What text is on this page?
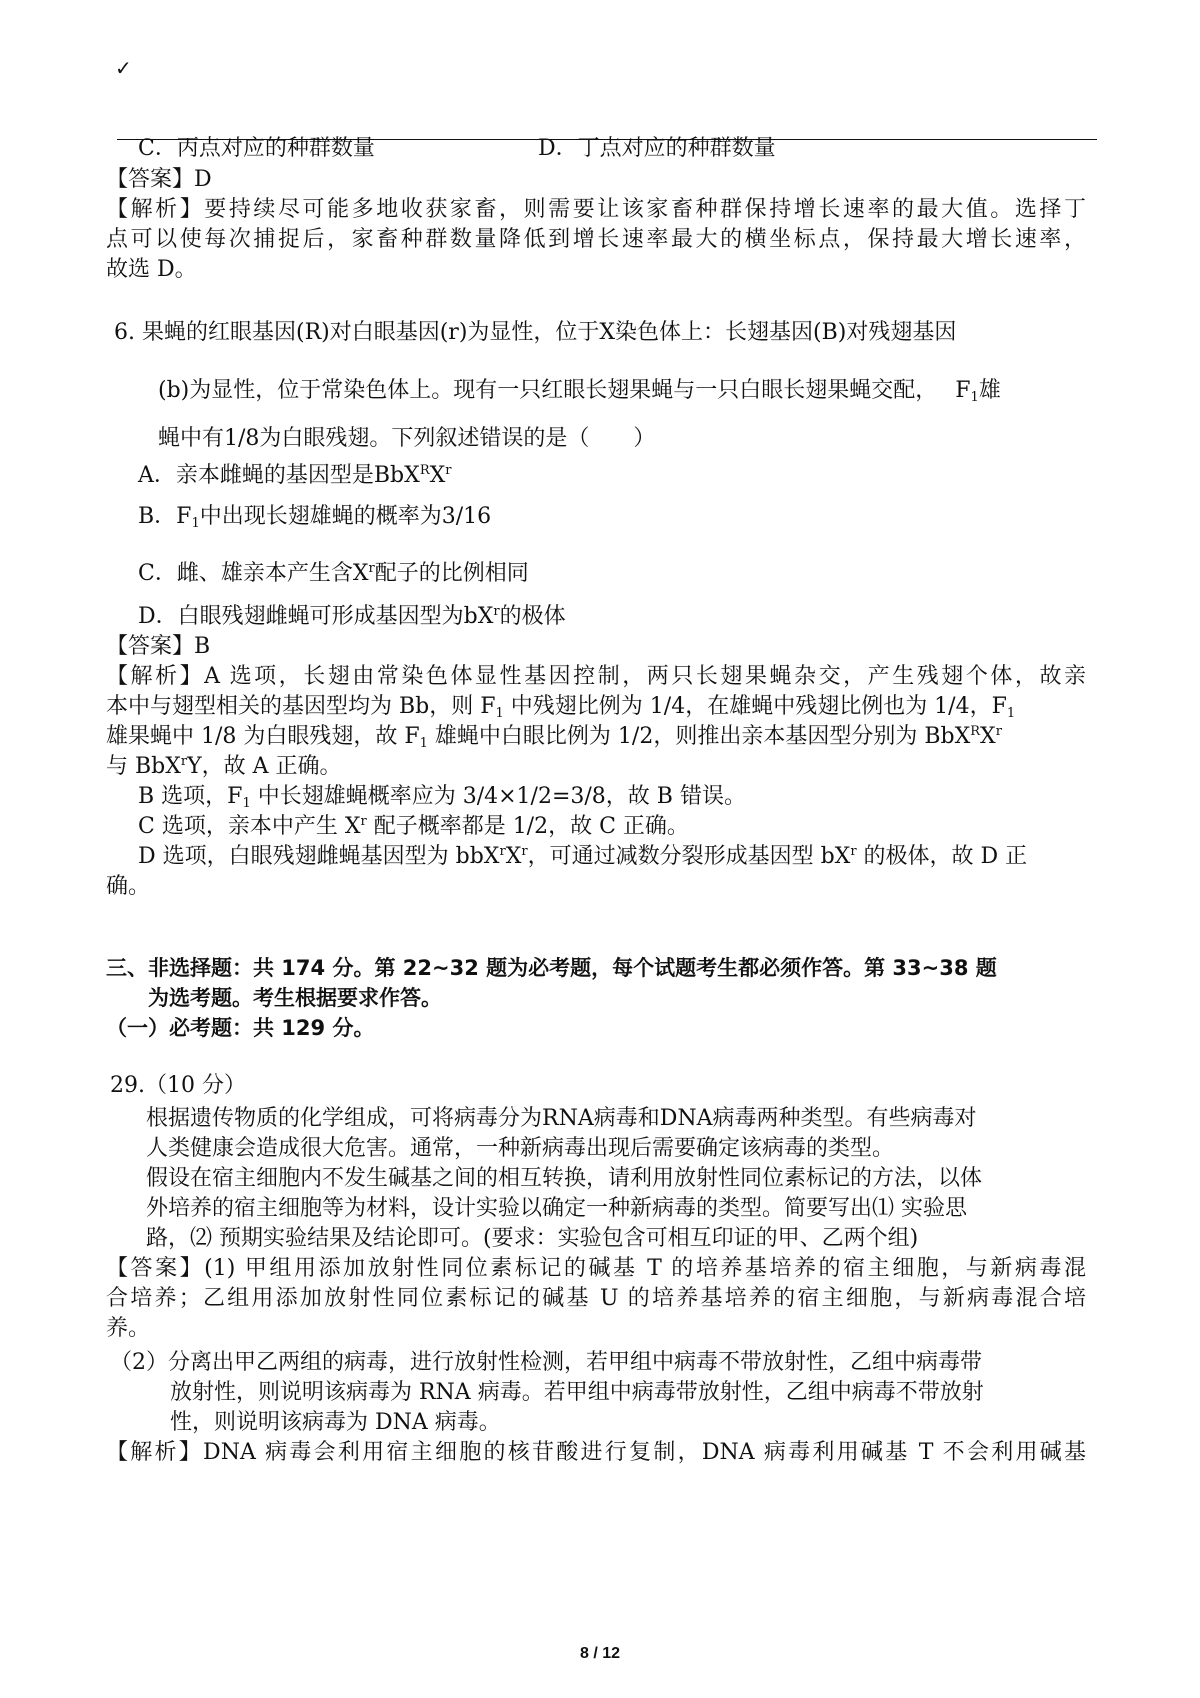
✓
C．丙点对应的种群数量	D．丁点对应的种群数量
【答案】D
【解析】要持续尽可能多地收获家畜，则需要让该家畜种群保持增长速率的最大值。选择丁
点可以使每次捕捉后，家畜种群数量降低到增长速率最大的横坐标点，保持最大增长速率，
故选 D。
6. 果蝇的红眼基因(R)对白眼基因(r)为显性，位于X染色体上：长翅基因(B)对残翅基因
(b)为显性，位于常染色体上。现有一只红眼长翅果蝇与一只白眼长翅果蝇交配， $F_1$雄
蝇中有1/8为白眼残翅。下列叙述错误的是（　　）
A．亲本雌蝇的基因型是$BbX^RX^r$
B．$F_1$中出现长翅雄蝇的概率为3/16
C．雌、雄亲本产生含$X^r$配子的比例相同
D．白眼残翅雌蝇可形成基因型为$bX^r$的极体
【答案】B
【解析】A 选项，长翅由常染色体显性基因控制，两只长翅果蝇杂交，产生残翅个体，故亲
本中与翅型相关的基因型均为 Bb，则 $F_1$ 中残翅比例为 1/4，在雄蝇中残翅比例也为 1/4，$F_1$
雄果蝇中 1/8 为白眼残翅，故 $F_1$ 雄蝇中白眼比例为 1/2，则推出亲本基因型分别为 $BbX^RX^r$
与 BbX$^r$Y，故 A 正确。
B 选项，$F_1$ 中长翅雄蝇概率应为 3/4×1/2=3/8，故 B 错误。
C 选项，亲本中产生 $X^r$ 配子概率都是 1/2，故 C 正确。
D 选项，白眼残翅雌蝇基因型为 $bbX^rX^r$，可通过减数分裂形成基因型 $bX^r$ 的极体，故 D 正
确。
三、非选择题：共 174 分。第 22~32 题为必考题，每个试题考生都必须作答。第 33~38 题
为选考题。考生根据要求作答。
（一）必考题：共 129 分。
29.（10 分）
根据遗传物质的化学组成，可将病毒分为RNA病毒和DNA病毒两种类型。有些病毒对
人类健康会造成很大危害。通常，一种新病毒出现后需要确定该病毒的类型。
假设在宿主细胞内不发生碱基之间的相互转换，请利用放射性同位素标记的方法，以体
外培养的宿主细胞等为材料，设计实验以确定一种新病毒的类型。简要写出⑴ 实验思
路，⑵ 预期实验结果及结论即可。(要求：实验包含可相互印证的甲、乙两个组)
【答案】(1) 甲组用添加放射性同位素标记的碱基 T 的培养基培养的宿主细胞，与新病毒混
合培养；乙组用添加放射性同位素标记的碱基 U 的培养基培养的宿主细胞，与新病毒混合培
养。
（2）分离出甲乙两组的病毒，进行放射性检测，若甲组中病毒不带放射性，乙组中病毒带
放射性，则说明该病毒为 RNA 病毒。若甲组中病毒带放射性，乙组中病毒不带放射
性，则说明该病毒为 DNA 病毒。
【解析】DNA 病毒会利用宿主细胞的核苷酸进行复制，DNA 病毒利用碱基 T 不会利用碱基
8 / 12
